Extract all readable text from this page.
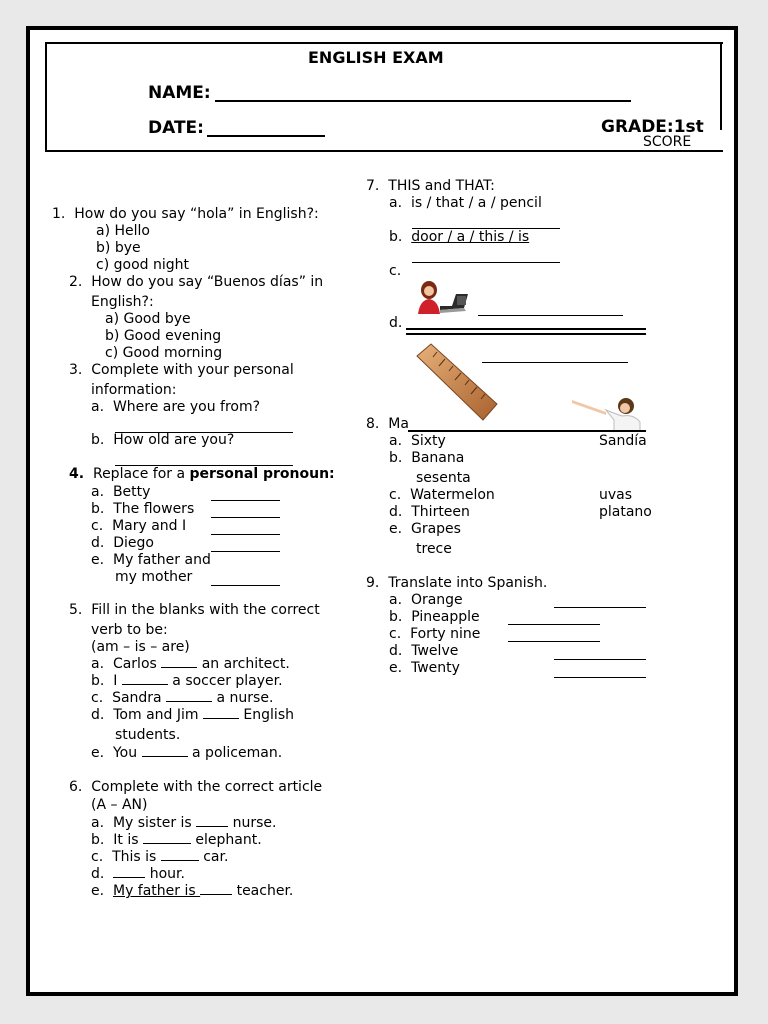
ENGLISH EXAM
NAME:
DATE:	GRADE:1st
SCORE
1. How do you say “hola” in English?:
a) Hello
b) bye
c) good night
2. How do you say “Buenos días” in
English?:
a) Good bye
b) Good evening
c) Good morning
3. Complete with your personal
information:
a. Where are you from?
b. How old are you?
4. Replace for a personal pronoun:
a. Betty
b. The flowers
c. Mary and I
d. Diego
e. My father and
my mother
5. Fill in the blanks with the correct
verb to be:
(am – is – are)
a. Carlos	an architect.
b. I	a soccer player.
c. Sandra	a nurse.
d. Tom and Jim	English
students.
e. You	a policeman.
6. Complete with the correct article
(A – AN)
a. My sister is  nurse.
b. It is	elephant.
c. This is	car.
d.	hour.
e. My father is  teacher.
7. THIS and THAT:
a. is / that / a / pencil
b. door / a / this / is
c.
d.
8. Ma
a. Sixty	Sandía
b. Banana
sesenta
c. Watermelon	uvas
d. Thirteen	platano
e. Grapes
trece
9. Translate into Spanish.
a. Orange
b. Pineapple
c. Forty nine
d. Twelve
e. Twenty
